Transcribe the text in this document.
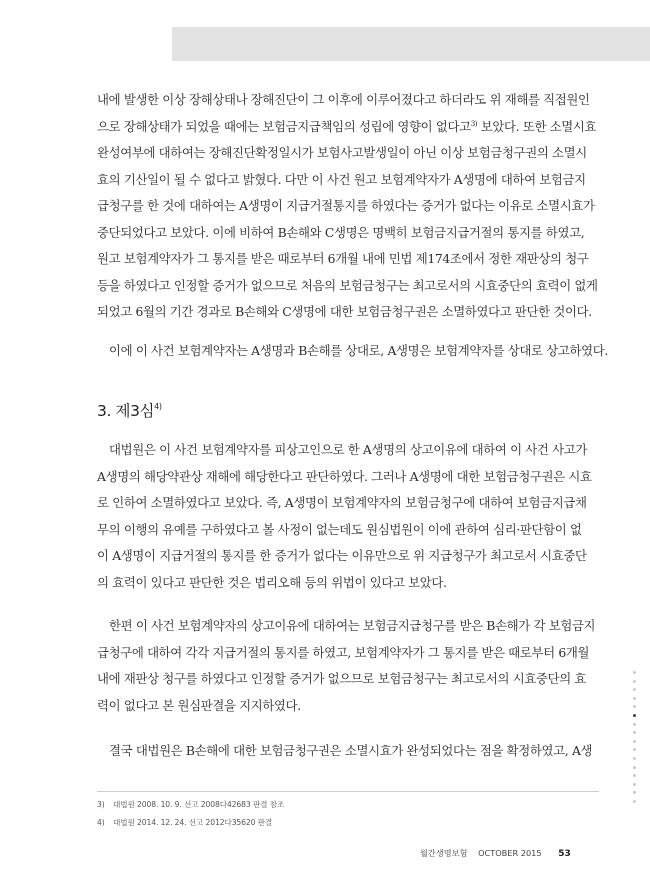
내에 발생한 이상 장해상태나 장해진단이 그 이후에 이루어졌다고 하더라도 위 재해를 직접원인
으로 장해상태가 되었을 때에는 보험금지급책임의 성립에 영향이 없다고$^{3)}$ 보았다. 또한 소멸시효
완성여부에 대하여는 장해진단확정일시가 보험사고발생일이 아닌 이상 보험금청구권의 소멸시
효의 기산일이 될 수 없다고 밝혔다. 다만 이 사건 원고 보험계약자가 A생명에 대하여 보험금지
급청구를 한 것에 대하여는 A생명이 지급거절통지를 하였다는 증거가 없다는 이유로 소멸시효가
중단되었다고 보았다. 이에 비하여 B손해와 C생명은 명백히 보험금지급거절의 통지를 하였고,
원고 보험계약자가 그 통지를 받은 때로부터 6개월 내에 민법 제174조에서 정한 재판상의 청구
등을 하였다고 인정할 증거가 없으므로 처음의 보험금청구는 최고로서의 시효중단의 효력이 없게
되었고 6월의 기간 경과로 B손해와 C생명에 대한 보험금청구권은 소멸하였다고 판단한 것이다.
이에 이 사건 보험계약자는 A생명과 B손해를 상대로, A생명은 보험계약자를 상대로 상고하였다.
3. 제3심$^{4)}$
대법원은 이 사건 보험계약자를 피상고인으로 한 A생명의 상고이유에 대하여 이 사건 사고가
A생명의 해당약관상 재해에 해당한다고 판단하였다. 그러나 A생명에 대한 보험금청구권은 시효
로 인하여 소멸하였다고 보았다. 즉, A생명이 보험계약자의 보험금청구에 대하여 보험금지급채
무의 이행의 유예를 구하였다고 볼 사정이 없는데도 원심법원이 이에 관하여 심리·판단함이 없
이 A생명이 지급거절의 통지를 한 증거가 없다는 이유만으로 위 지급청구가 최고로서 시효중단
의 효력이 있다고 판단한 것은 법리오해 등의 위법이 있다고 보았다.
한편 이 사건 보험계약자의 상고이유에 대하여는 보험금지급청구를 받은 B손해가 각 보험금지
급청구에 대하여 각각 지급거절의 통지를 하였고, 보험계약자가 그 통지를 받은 때로부터 6개월
내에 재판상 청구를 하였다고 인정할 증거가 없으므로 보험금청구는 최고로서의 시효중단의 효
력이 없다고 본 원심판결을 지지하였다.
결국 대법원은 B손해에 대한 보험금청구권은 소멸시효가 완성되었다는 점을 확정하였고, A생
3) 대법원 2008. 10. 9. 선고 2008다42683 판결 참조
4) 대법원 2014. 12. 24. 선고 2012다35620 판결
월간생명보험 OCTOBER 2015 53
